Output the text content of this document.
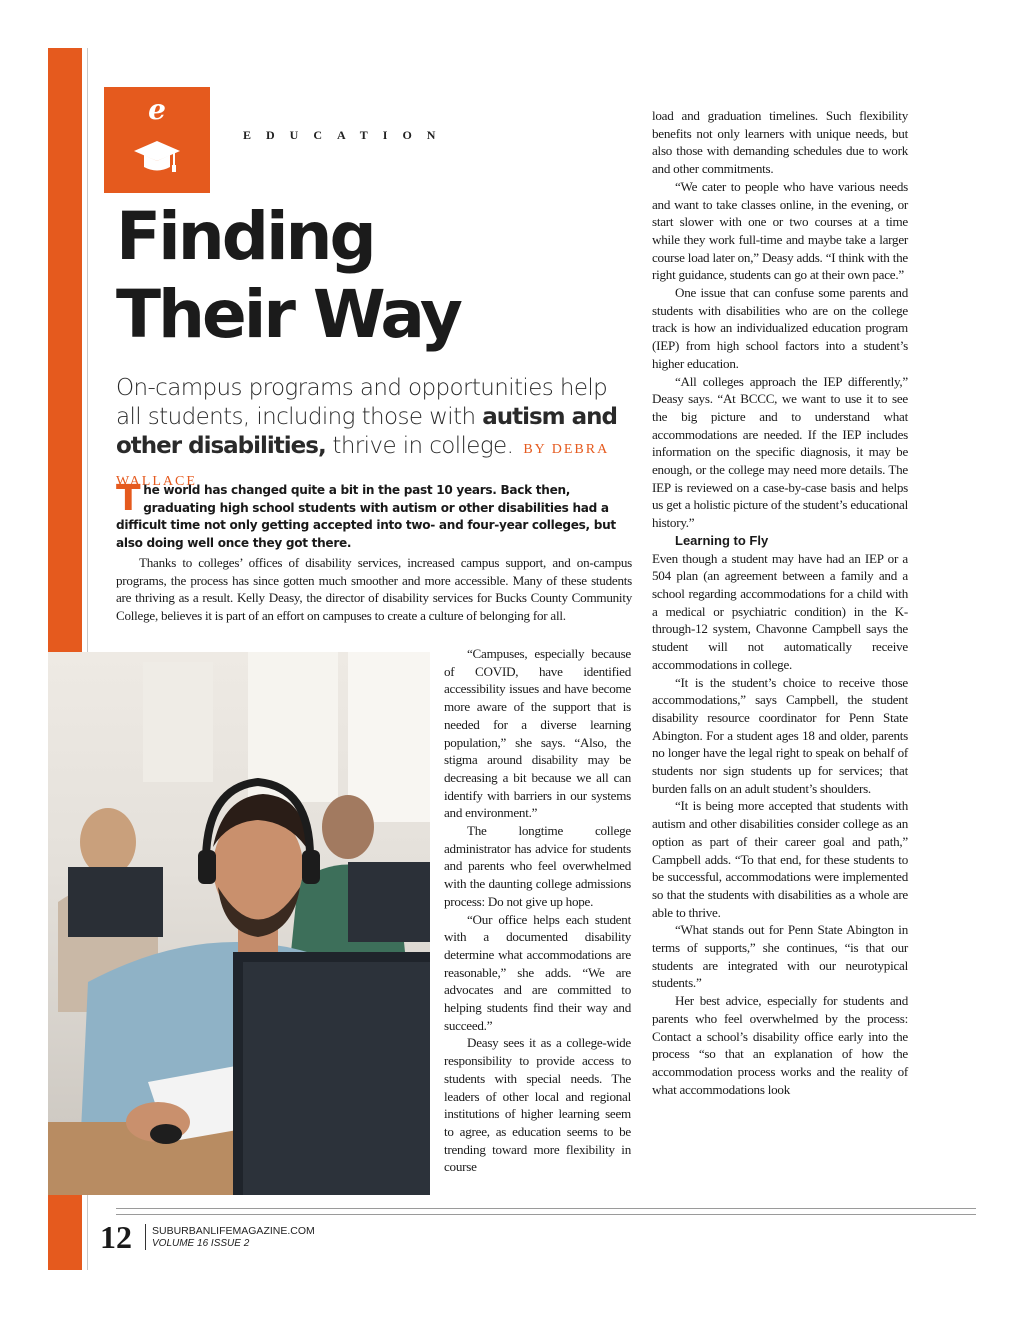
e
EDUCATION
Finding
Their Way

On-campus programs and opportunities help all students, including those with autism and other disabilities, thrive in college. BY DEBRA WALLACE

The world has changed quite a bit in the past 10 years. Back then, graduating high school students with autism or other disabilities had a difficult time not only getting accepted into two- and four-year colleges, but also doing well once they got there.

Thanks to colleges’ offices of disability services, increased campus support, and on-campus programs, the process has since gotten much smoother and more accessible. Many of these students are thriving as a result. Kelly Deasy, the director of disability services for Bucks County Community College, believes it is part of an effort on campuses to create a culture of belonging for all.

“Campuses, especially because of COVID, have identified accessibility issues and have become more aware of the support that is needed for a diverse learning population,” she says. “Also, the stigma around disability may be decreasing a bit because we all can identify with barriers in our systems and environment.”

The longtime college administrator has advice for students and parents who feel overwhelmed with the daunting college admissions process: Do not give up hope.

“Our office helps each student with a documented disability determine what accommodations are reasonable,” she adds. “We are advocates and are committed to helping students find their way and succeed.”

Deasy sees it as a college-wide responsibility to provide access to students with special needs. The leaders of other local and regional institutions of higher learning seem to agree, as education seems to be trending toward more flexibility in course

load and graduation timelines. Such flexibility benefits not only learners with unique needs, but also those with demanding schedules due to work and other commitments.

“We cater to people who have various needs and want to take classes online, in the evening, or start slower with one or two courses at a time while they work full-time and maybe take a larger course load later on,” Deasy adds. “I think with the right guidance, students can go at their own pace.”

One issue that can confuse some parents and students with disabilities who are on the college track is how an individualized education program (IEP) from high school factors into a student’s higher education.

“All colleges approach the IEP differently,” Deasy says. “At BCCC, we want to use it to see the big picture and to understand what accommodations are needed. If the IEP includes information on the specific diagnosis, it may be enough, or the college may need more details. The IEP is reviewed on a case-by-case basis and helps us get a holistic picture of the student’s educational history.”

Learning to Fly

Even though a student may have had an IEP or a 504 plan (an agreement between a family and a school regarding accommodations for a child with a medical or psychiatric condition) in the K-through-12 system, Chavonne Campbell says the student will not automatically receive accommodations in college.

“It is the student’s choice to receive those accommodations,” says Campbell, the student disability resource coordinator for Penn State Abington. For a student ages 18 and older, parents no longer have the legal right to speak on behalf of students nor sign students up for services; that burden falls on an adult student’s shoulders.

“It is being more accepted that students with autism and other disabilities consider college as an option as part of their career goal and path,” Campbell adds. “To that end, for these students to be successful, accommodations were implemented so that the students with disabilities as a whole are able to thrive.

“What stands out for Penn State Abington in terms of supports,” she continues, “is that our students are integrated with our neurotypical students.”

Her best advice, especially for students and parents who feel overwhelmed by the process: Contact a school’s disability office early into the process “so that an explanation of how the accommodation process works and the reality of what accommodations look

12 SUBURBANLIFEMAGAZINE.COM
VOLUME 16 ISSUE 2
